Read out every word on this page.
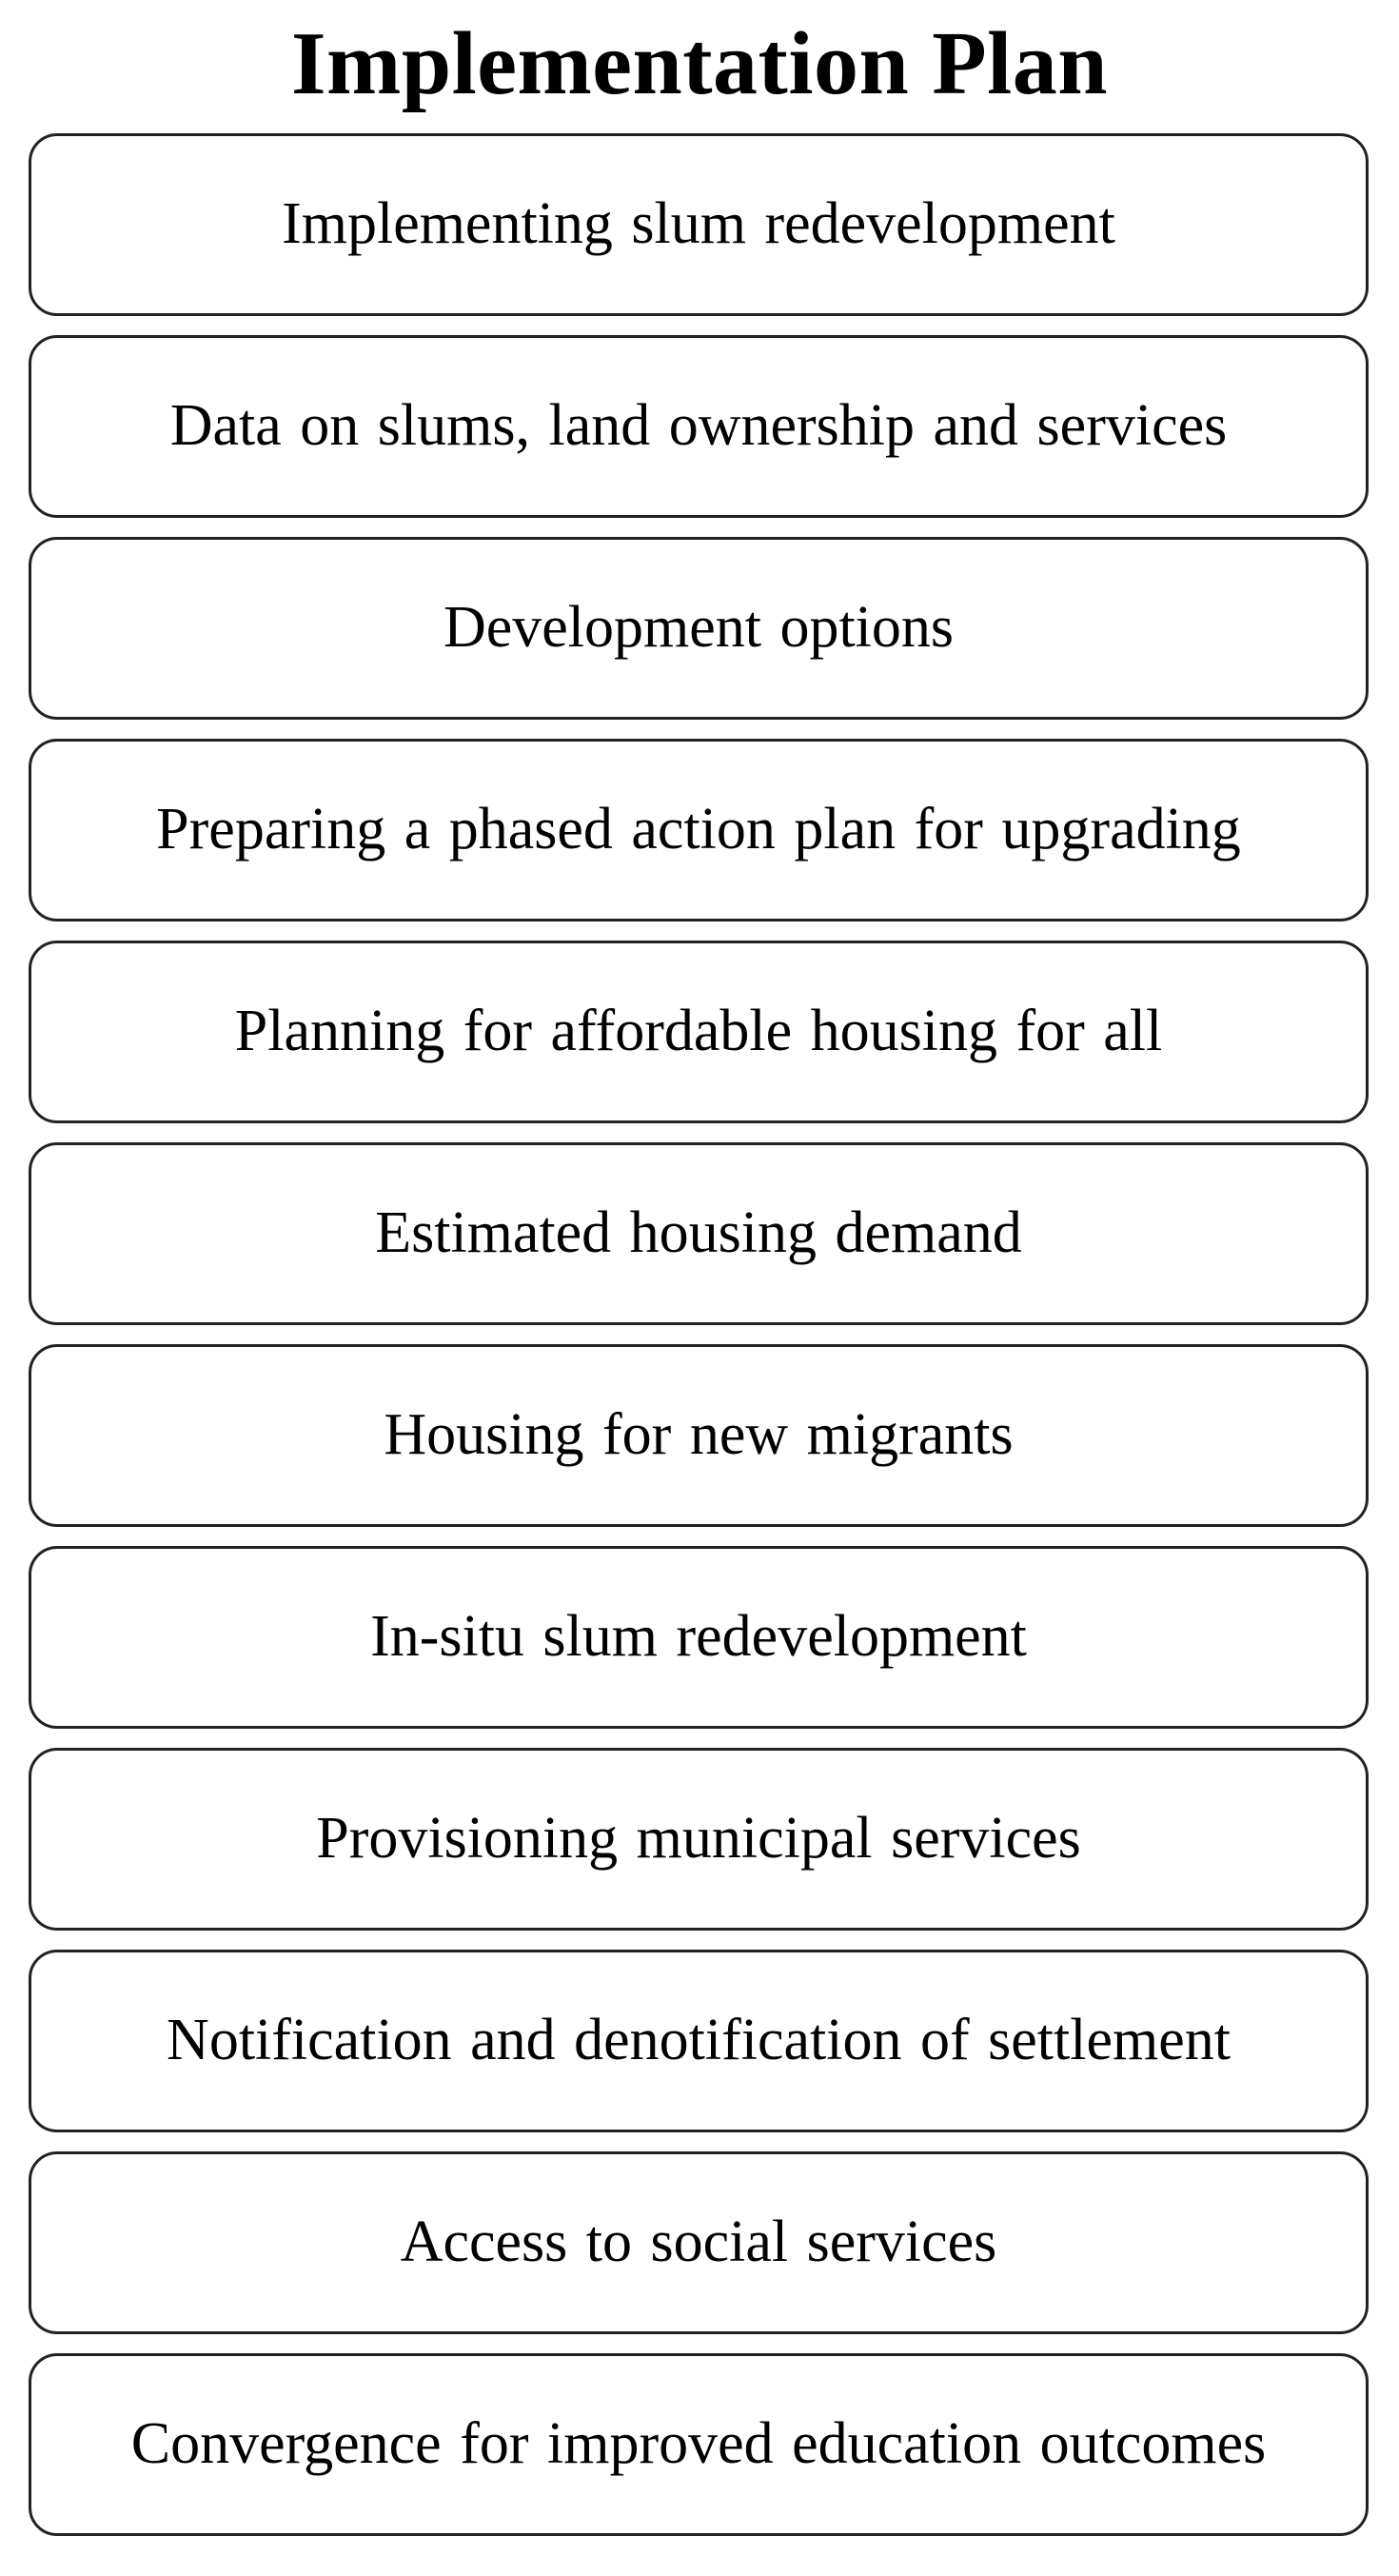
Implementation Plan
Implementing slum redevelopment
Data on slums, land ownership and services
Development options
Preparing a phased action plan for upgrading
Planning for affordable housing for all
Estimated housing demand
Housing for new migrants
In-situ slum redevelopment
Provisioning municipal services
Notification and denotification of settlement
Access to social services
Convergence for improved education outcomes
